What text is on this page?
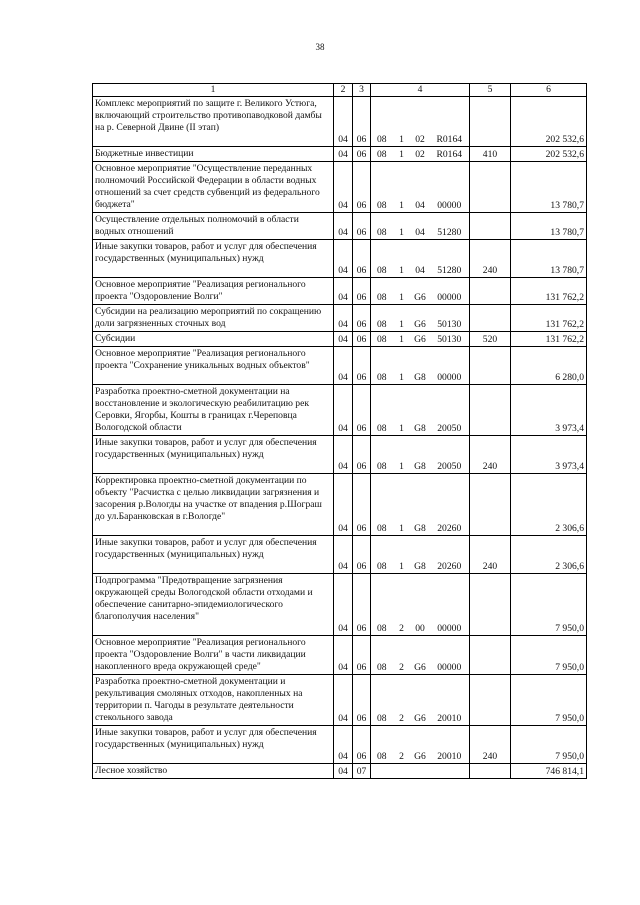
38
1	2	3	4				5	6
Комплекс мероприятий по защите г. Великого Устюга, включающий строительство противопаводковой дамбы на р. Северной Двине (II этап)	04	06	08	1	02	R0164		202 532,6
Бюджетные инвестиции	04	06	08	1	02	R0164	410	202 532,6
Основное мероприятие "Осуществление переданных полномочий Российской Федерации в области водных отношений за счет средств субвенций из федерального бюджета"	04	06	08	1	04	00000		13 780,7
Осуществление отдельных полномочий в области водных отношений	04	06	08	1	04	51280		13 780,7
Иные закупки товаров, работ и услуг для обеспечения государственных (муниципальных) нужд	04	06	08	1	04	51280	240	13 780,7
Основное мероприятие "Реализация регионального проекта "Оздоровление Волги"	04	06	08	1	G6	00000		131 762,2
Субсидии на реализацию мероприятий по сокращению доли загрязненных сточных вод	04	06	08	1	G6	50130		131 762,2
Субсидии	04	06	08	1	G6	50130	520	131 762,2
Основное мероприятие "Реализация регионального проекта "Сохранение уникальных водных объектов"	04	06	08	1	G8	00000		6 280,0
Разработка проектно-сметной документации на восстановление и экологическую реабилитацию рек Серовки, Ягорбы, Кошты в границах г.Череповца Вологодской области	04	06	08	1	G8	20050		3 973,4
Иные закупки товаров, работ и услуг для обеспечения государственных (муниципальных) нужд	04	06	08	1	G8	20050	240	3 973,4
Корректировка проектно-сметной документации по объекту "Расчистка с целью ликвидации загрязнения и засорения р.Вологды на участке от впадения р.Шограш до ул.Баранковская в г.Вологде"	04	06	08	1	G8	20260		2 306,6
Иные закупки товаров, работ и услуг для обеспечения государственных (муниципальных) нужд	04	06	08	1	G8	20260	240	2 306,6
Подпрограмма "Предотвращение загрязнения окружающей среды Вологодской области отходами и обеспечение санитарно-эпидемиологического благополучия населения"	04	06	08	2	00	00000		7 950,0
Основное мероприятие "Реализация регионального проекта "Оздоровление Волги" в части ликвидации накопленного вреда окружающей среде"	04	06	08	2	G6	00000		7 950,0
Разработка проектно-сметной документации и рекультивация смоляных отходов, накопленных на территории п. Чагоды в результате деятельности стекольного завода	04	06	08	2	G6	20010		7 950,0
Иные закупки товаров, работ и услуг для обеспечения государственных (муниципальных) нужд	04	06	08	2	G6	20010	240	7 950,0
Лесное хозяйство	04	07						746 814,1
